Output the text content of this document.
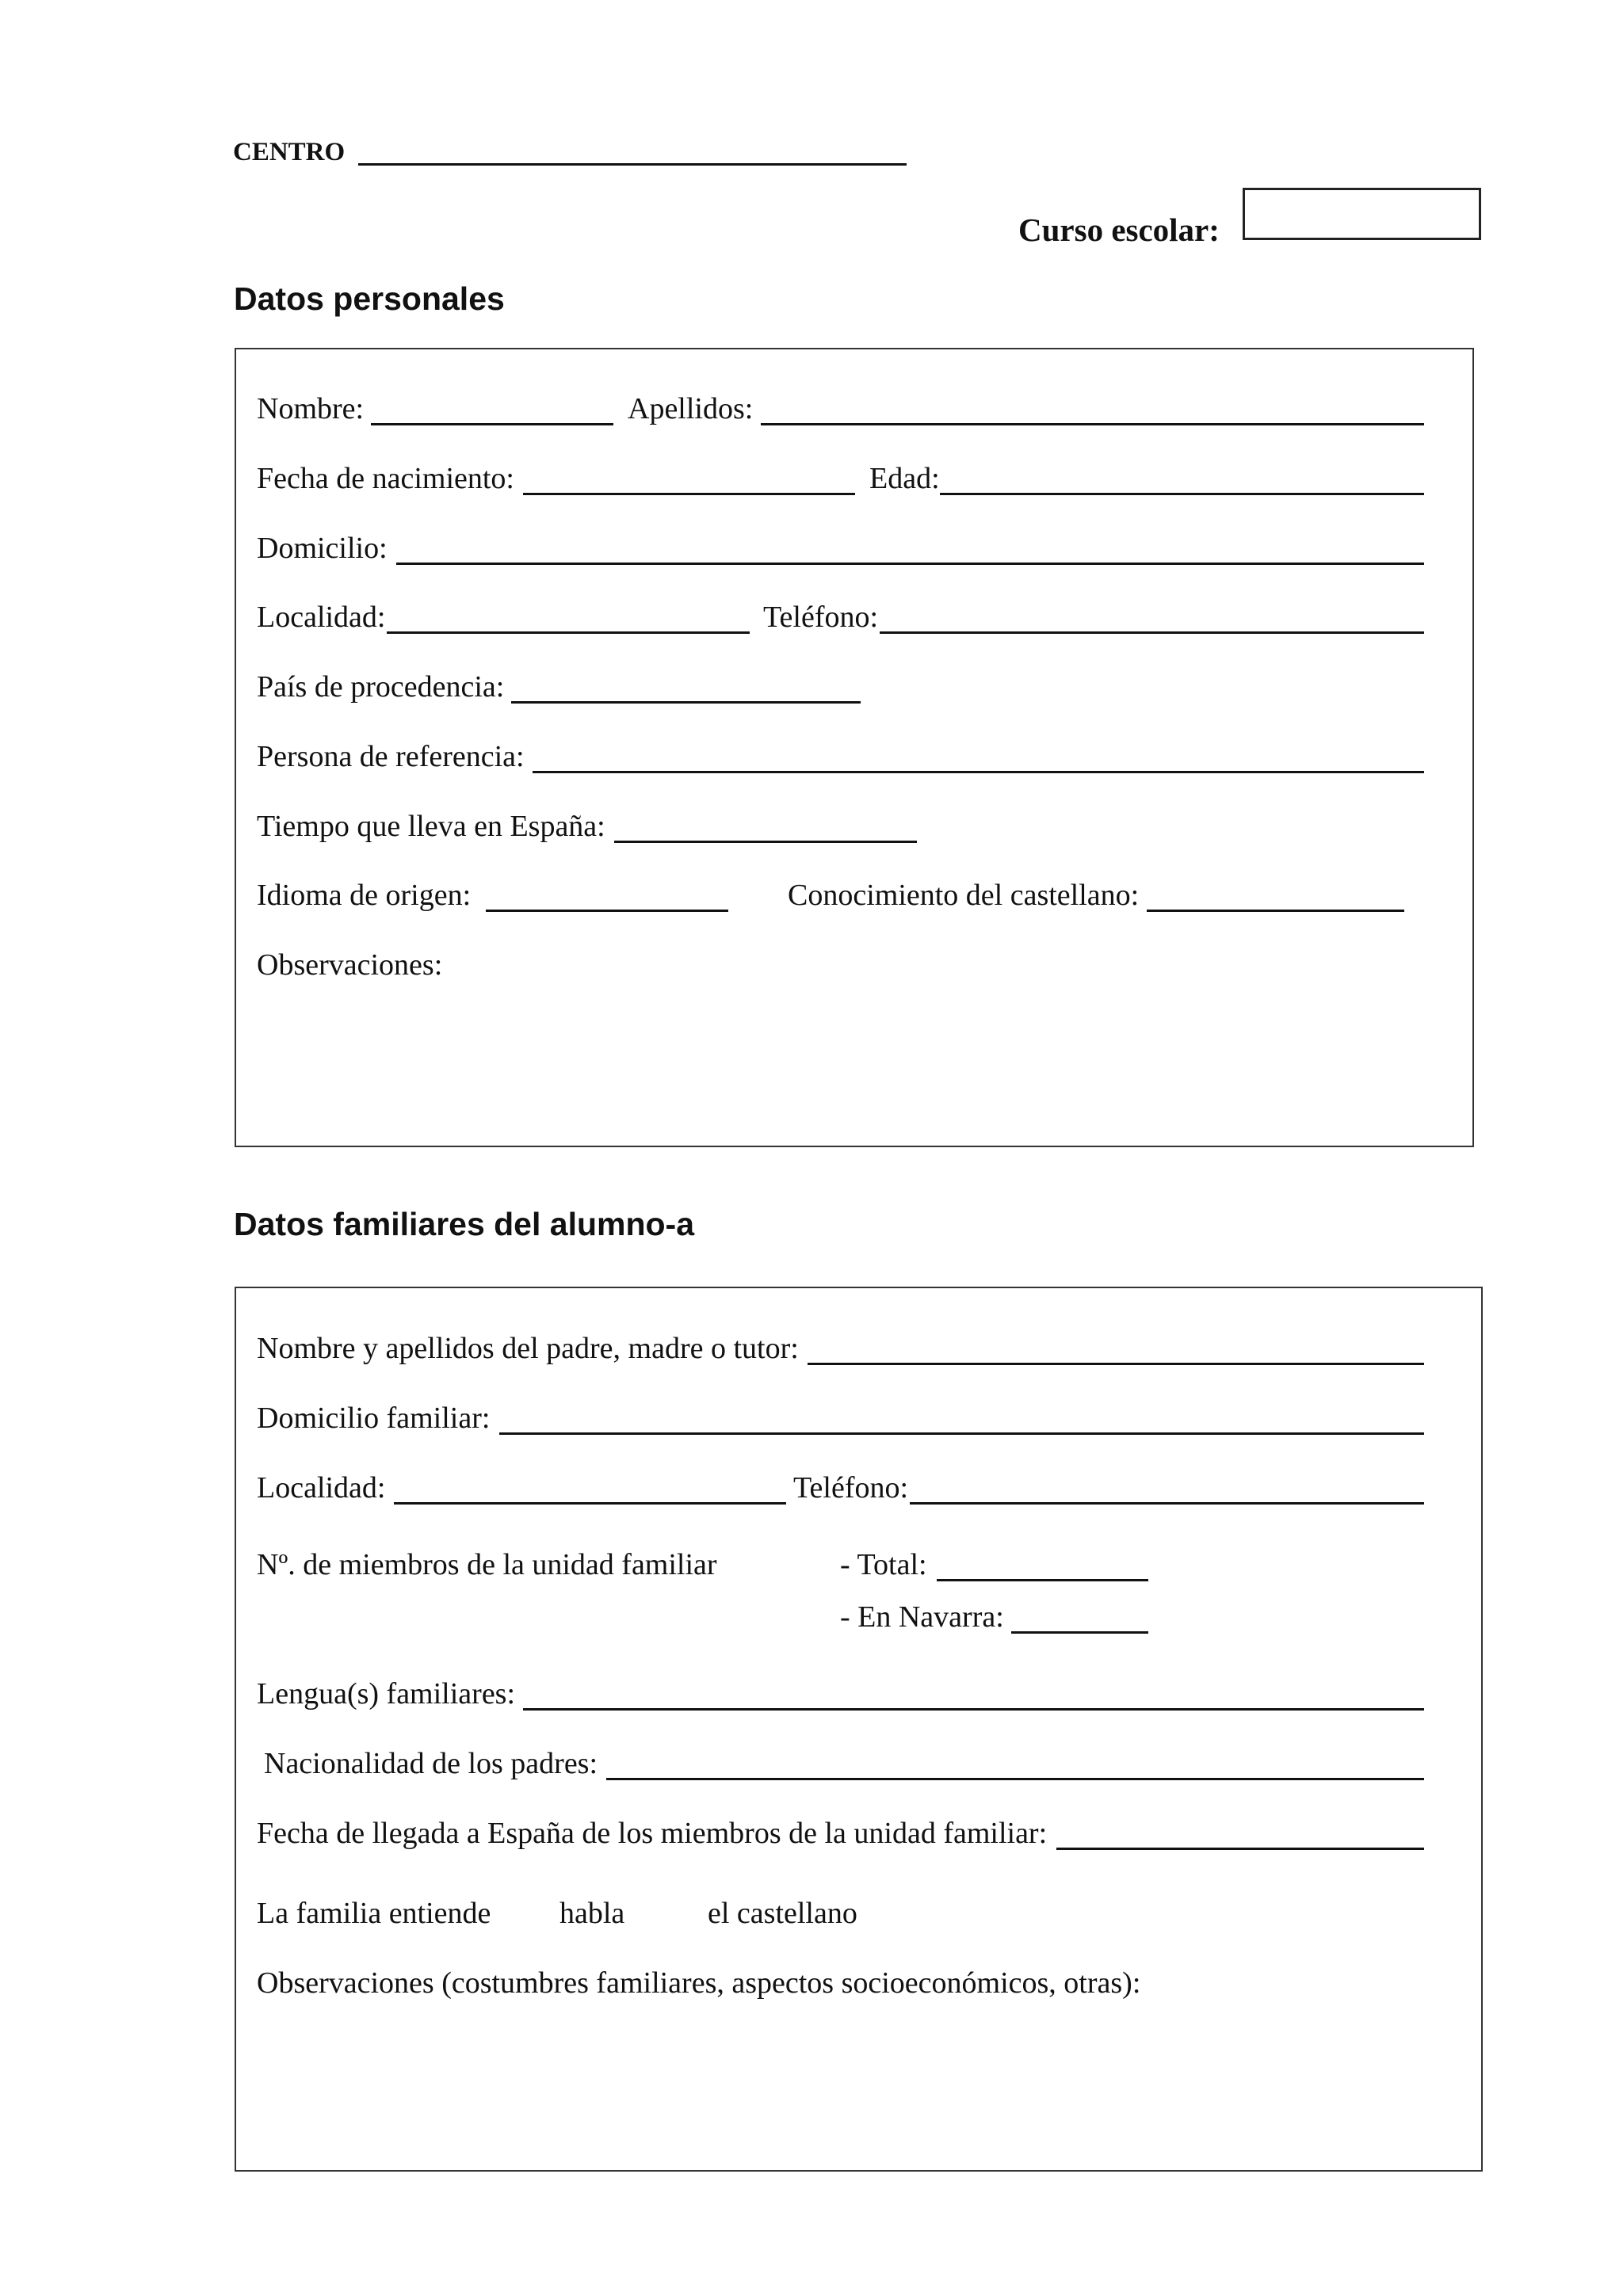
CENTRO
Curso escolar:
Datos personales
Nombre:	Apellidos:
Fecha de nacimiento:	Edad:
Domicilio:
Localidad:	Teléfono:
País de procedencia:
Persona de referencia:
Tiempo que lleva en España:
Idioma de origen:	Conocimiento del castellano:
Observaciones:
Datos familiares del alumno-a
Nombre y apellidos del padre, madre o tutor:
Domicilio familiar:
Localidad:	Teléfono:
Nº. de miembros de la unidad familiar	- Total:
- En Navarra:
Lengua(s) familiares:
Nacionalidad de los padres:
Fecha de llegada a España de los miembros de la unidad familiar:
La familia entiende habla	el castellano
Observaciones (costumbres familiares, aspectos socioeconómicos, otras):
